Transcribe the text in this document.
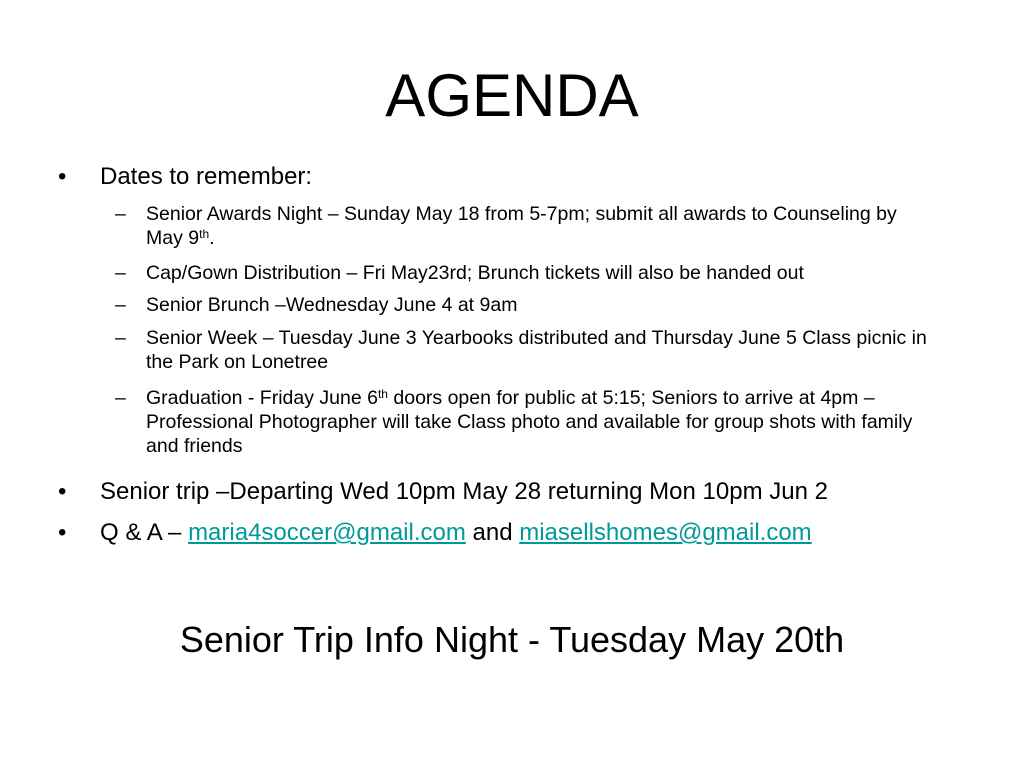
AGENDA
• Dates to remember:
– Senior Awards Night – Sunday May 18 from 5-7pm; submit all awards to Counseling by May 9th.
– Cap/Gown Distribution – Fri May23rd; Brunch tickets will also be handed out
– Senior Brunch –Wednesday June 4 at 9am
– Senior Week – Tuesday June 3 Yearbooks distributed and Thursday June 5 Class picnic in the Park on Lonetree
– Graduation - Friday June 6th doors open for public at 5:15; Seniors to arrive at 4pm –Professional Photographer will take Class photo and available for group shots with family and friends
• Senior trip –Departing Wed 10pm May 28 returning Mon 10pm Jun 2
• Q & A – maria4soccer@gmail.com and miasellshomes@gmail.com
Senior Trip Info Night - Tuesday May 20th
